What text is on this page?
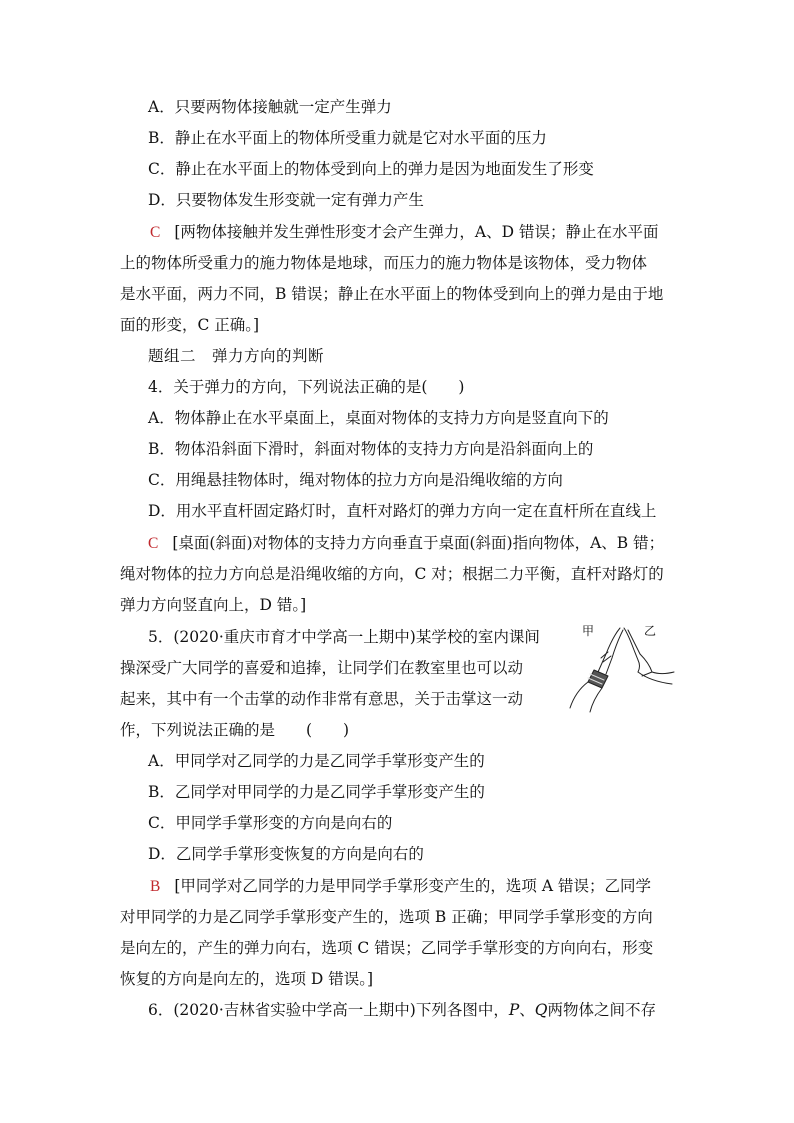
A．只要两物体接触就一定产生弹力
B．静止在水平面上的物体所受重力就是它对水平面的压力
C．静止在水平面上的物体受到向上的弹力是因为地面发生了形变
D．只要物体发生形变就一定有弹力产生
C [两物体接触并发生弹性形变才会产生弹力，A、D 错误；静止在水平面
上的物体所受重力的施力物体是地球，而压力的施力物体是该物体，受力物体
是水平面，两力不同，B 错误；静止在水平面上的物体受到向上的弹力是由于地
面的形变，C 正确。]
题组二　弹力方向的判断
4．关于弹力的方向，下列说法正确的是(　　)
A．物体静止在水平桌面上，桌面对物体的支持力方向是竖直向下的
B．物体沿斜面下滑时，斜面对物体的支持力方向是沿斜面向上的
C．用绳悬挂物体时，绳对物体的拉力方向是沿绳收缩的方向
D．用水平直杆固定路灯时，直杆对路灯的弹力方向一定在直杆所在直线上
C [桌面(斜面)对物体的支持力方向垂直于桌面(斜面)指向物体，A、B 错；
绳对物体的拉力方向总是沿绳收缩的方向，C 对；根据二力平衡，直杆对路灯的
弹力方向竖直向上，D 错。]
5．(2020·重庆市育才中学高一上期中)某学校的室内课间
操深受广大同学的喜爱和追捧，让同学们在教室里也可以动
起来，其中有一个击掌的动作非常有意思，关于击掌这一动
作，下列说法正确的是　　(　　)
甲	乙
A．甲同学对乙同学的力是乙同学手掌形变产生的
B．乙同学对甲同学的力是乙同学手掌形变产生的
C．甲同学手掌形变的方向是向右的
D．乙同学手掌形变恢复的方向是向右的
B [甲同学对乙同学的力是甲同学手掌形变产生的，选项 A 错误；乙同学
对甲同学的力是乙同学手掌形变产生的，选项 B 正确；甲同学手掌形变的方向
是向左的，产生的弹力向右，选项 C 错误；乙同学手掌形变的方向向右，形变
恢复的方向是向左的，选项 D 错误。]
6．(2020·吉林省实验中学高一上期中)下列各图中，P、Q两物体之间不存
